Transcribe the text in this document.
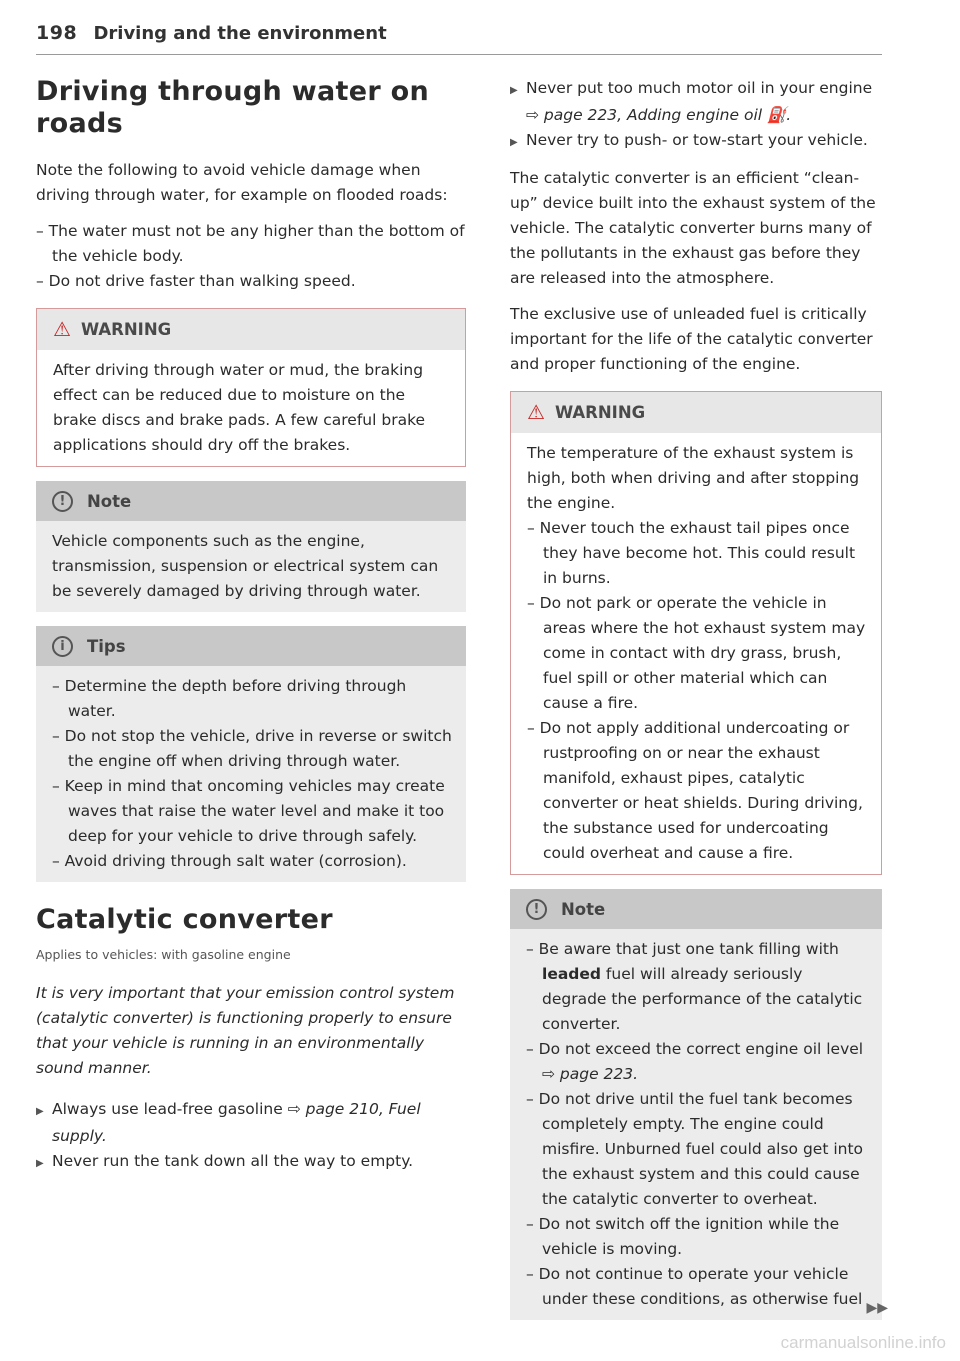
198 Driving and the environment
Driving through water on roads

Note the following to avoid vehicle damage when driving through water, for example on flooded roads:

– The water must not be any higher than the bottom of the vehicle body.

– Do not drive faster than walking speed.

⚠ WARNING

After driving through water or mud, the braking effect can be reduced due to moisture on the brake discs and brake pads. A few careful brake applications should dry off the brakes.

!	Note

Vehicle components such as the engine, transmission, suspension or electrical system can be severely damaged by driving through water.

i	Tips

– Determine the depth before driving through water.

– Do not stop the vehicle, drive in reverse or switch the engine off when driving through water.

– Keep in mind that oncoming vehicles may create waves that raise the water level and make it too deep for your vehicle to drive through safely.

– Avoid driving through salt water (corrosion).

Catalytic converter

Applies to vehicles: with gasoline engine

It is very important that your emission control system (catalytic converter) is functioning properly to ensure that your vehicle is running in an environmentally sound manner.

▶ Always use lead-free gasoline ⇨ page 210, Fuel supply.

▶ Never run the tank down all the way to empty.

▶ Never put too much motor oil in your engine ⇨ page 223, Adding engine oil ⛽.

▶ Never try to push- or tow-start your vehicle.

The catalytic converter is an efficient “clean-up” device built into the exhaust system of the vehicle. The catalytic converter burns many of the pollutants in the exhaust gas before they are released into the atmosphere.

The exclusive use of unleaded fuel is critically important for the life of the catalytic converter and proper functioning of the engine.

⚠ WARNING

The temperature of the exhaust system is high, both when driving and after stopping the engine.

– Never touch the exhaust tail pipes once they have become hot. This could result in burns.

– Do not park or operate the vehicle in areas where the hot exhaust system may come in contact with dry grass, brush, fuel spill or other material which can cause a fire.

– Do not apply additional undercoating or rustproofing on or near the exhaust manifold, exhaust pipes, catalytic converter or heat shields. During driving, the substance used for undercoating could overheat and cause a fire.

!	Note

– Be aware that just one tank filling with leaded fuel will already seriously degrade the performance of the catalytic converter.

– Do not exceed the correct engine oil level ⇨ page 223.

– Do not drive until the fuel tank becomes completely empty. The engine could misfire. Unburned fuel could also get into the exhaust system and this could cause the catalytic converter to overheat.

– Do not switch off the ignition while the vehicle is moving.

– Do not continue to operate your vehicle under these conditions, as otherwise fuel ▶▶
carmanualsonline.info
